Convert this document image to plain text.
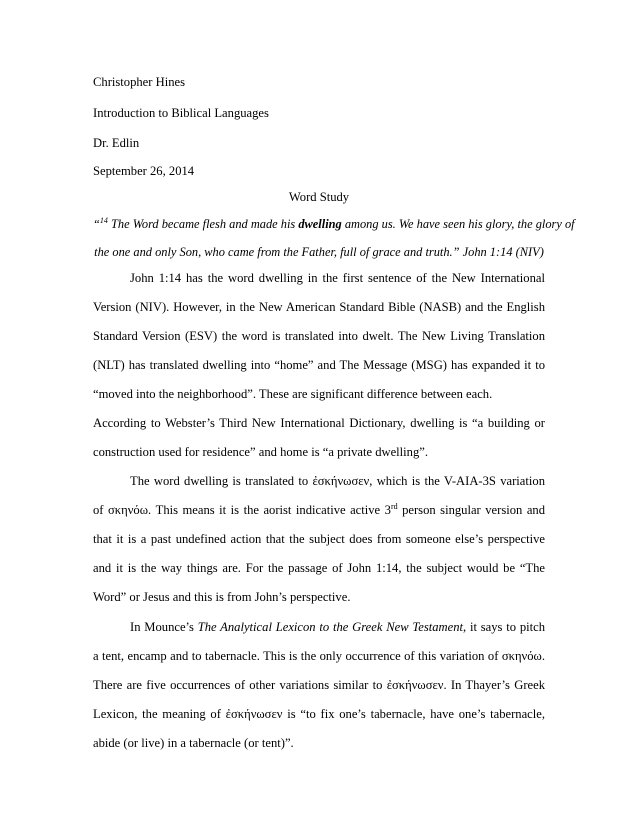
Christopher Hines
Introduction to Biblical Languages
Dr. Edlin
September 26, 2014
Word Study
“$^{14}$ The Word became flesh and made his dwelling among us. We have seen his glory, the glory of
the one and only Son, who came from the Father, full of grace and truth.” John 1:14 (NIV)
John 1:14 has the word dwelling in the first sentence of the New International
Version (NIV). However, in the New American Standard Bible (NASB) and the English
Standard Version (ESV) the word is translated into dwelt. The New Living Translation
(NLT) has translated dwelling into “home” and The Message (MSG) has expanded it to
“moved into the neighborhood”. These are significant difference between each.
According to Webster’s Third New International Dictionary, dwelling is “a building or
construction used for residence” and home is “a private dwelling”.
The word dwelling is translated to ἐσκήνωσεν, which is the V-AIA-3S variation
of σκηνόω. This means it is the aorist indicative active 3rd person singular version and
that it is a past undefined action that the subject does from someone else’s perspective
and it is the way things are. For the passage of John 1:14, the subject would be “The
Word” or Jesus and this is from John’s perspective.
In Mounce’s The Analytical Lexicon to the Greek New Testament, it says to pitch
a tent, encamp and to tabernacle. This is the only occurrence of this variation of σκηνόω.
There are five occurrences of other variations similar to ἐσκήνωσεν. In Thayer’s Greek
Lexicon, the meaning of ἐσκήνωσεν is “to fix one’s tabernacle, have one’s tabernacle,
abide (or live) in a tabernacle (or tent)”.
